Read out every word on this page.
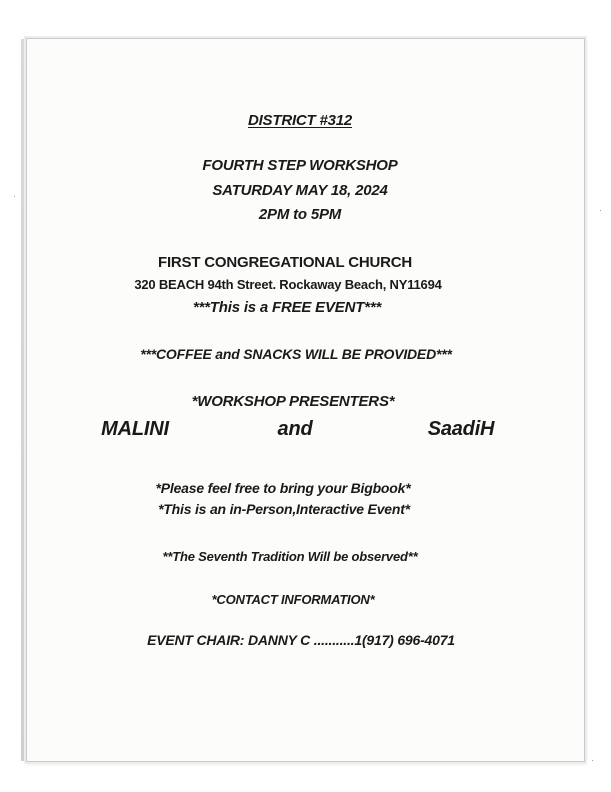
DISTRICT #312
FOURTH STEP WORKSHOP
SATURDAY MAY 18, 2024
2PM to 5PM
FIRST CONGREGATIONAL CHURCH
320 BEACH 94th Street. Rockaway Beach, NY11694
***This is a FREE EVENT***
***COFFEE and SNACKS WILL BE PROVIDED***
*WORKSHOP PRESENTERS*
MALINI	and	SaadiH
*Please feel free to bring your Bigbook*
*This is an in-Person,Interactive Event*
**The Seventh Tradition Will be observed**
*CONTACT INFORMATION*
EVENT CHAIR: DANNY C ...........1(917) 696-4071
